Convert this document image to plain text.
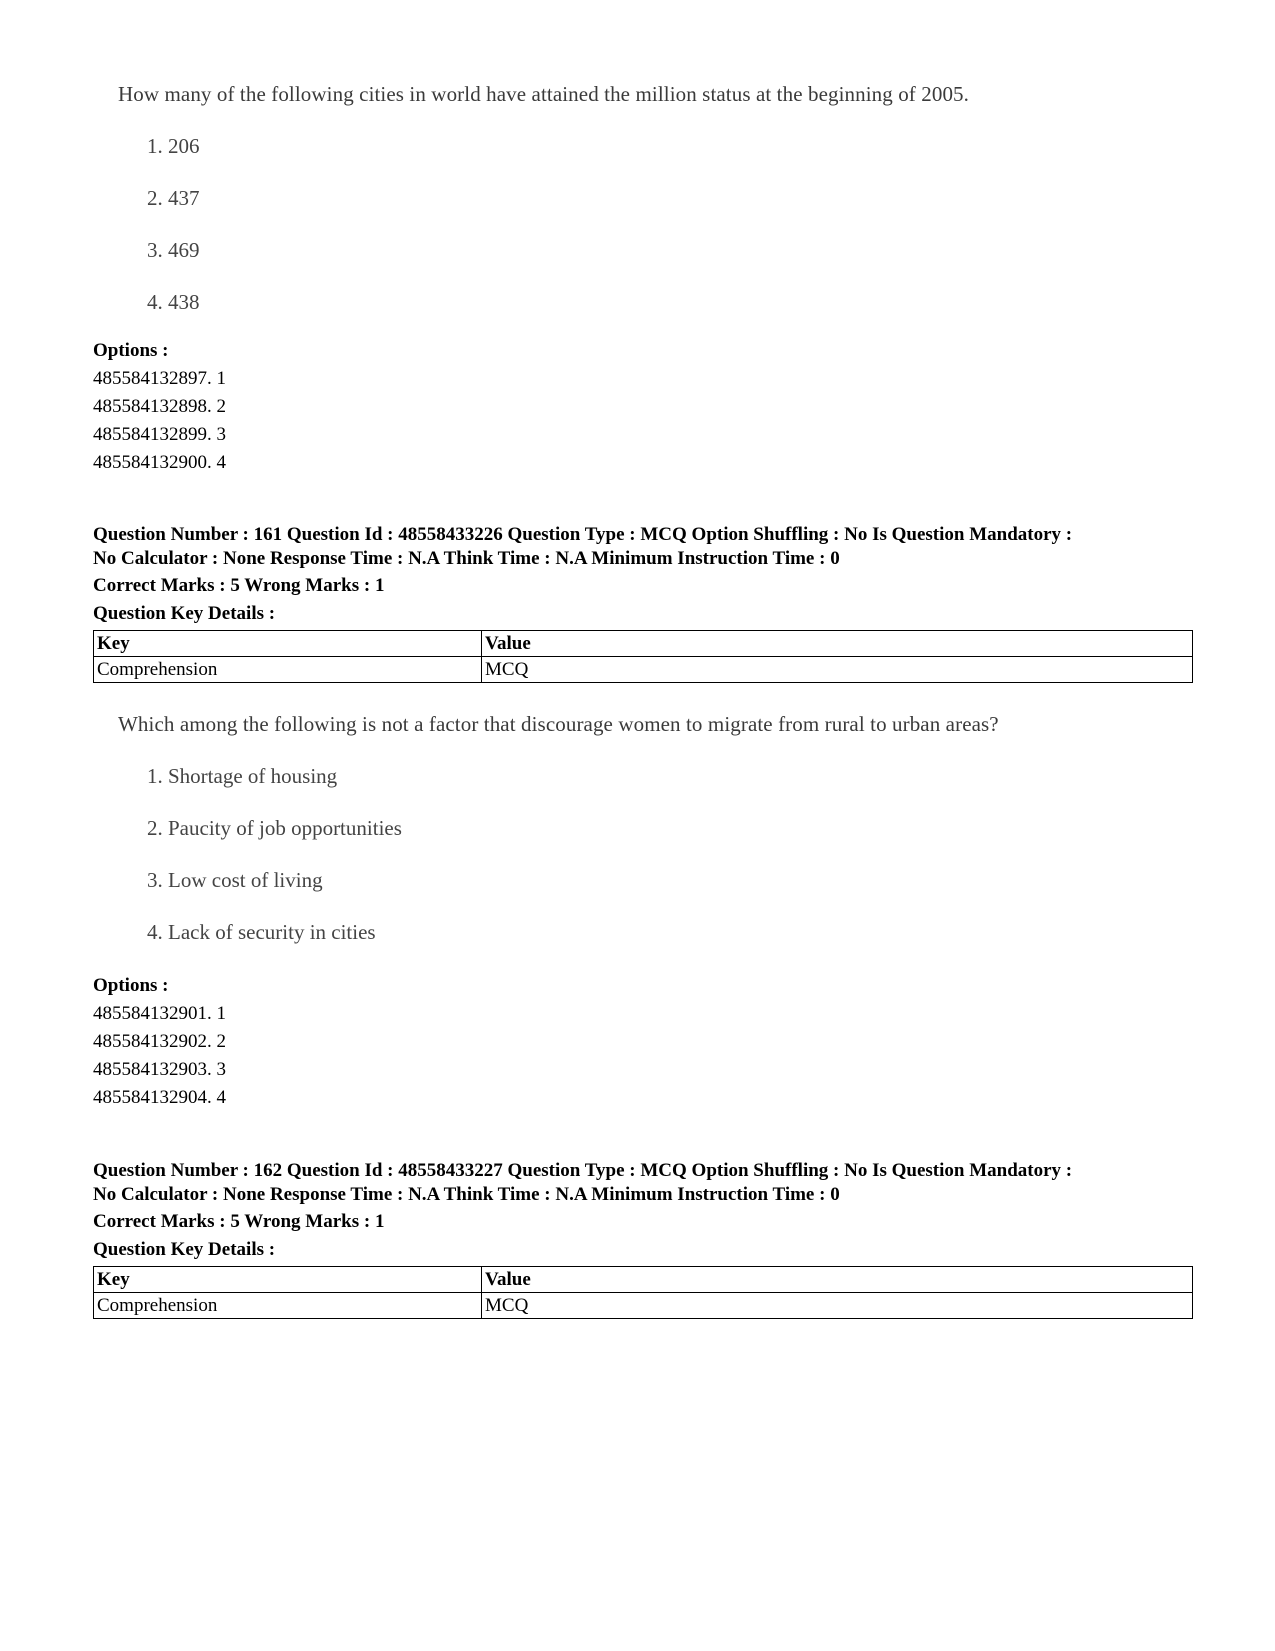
How many of the following cities in world have attained the million status at the beginning of 2005.
1. 206
2. 437
3. 469
4. 438
Options :
485584132897. 1
485584132898. 2
485584132899. 3
485584132900. 4
Question Number : 161 Question Id : 48558433226 Question Type : MCQ Option Shuffling : No Is Question Mandatory :
No Calculator : None Response Time : N.A Think Time : N.A Minimum Instruction Time : 0
Correct Marks : 5 Wrong Marks : 1
Question Key Details :
Key	Value
Comprehension	MCQ
Which among the following is not a factor that discourage women to migrate from rural to urban areas?
1. Shortage of housing
2. Paucity of job opportunities
3. Low cost of living
4. Lack of security in cities
Options :
485584132901. 1
485584132902. 2
485584132903. 3
485584132904. 4
Question Number : 162 Question Id : 48558433227 Question Type : MCQ Option Shuffling : No Is Question Mandatory :
No Calculator : None Response Time : N.A Think Time : N.A Minimum Instruction Time : 0
Correct Marks : 5 Wrong Marks : 1
Question Key Details :
Key	Value
Comprehension	MCQ
